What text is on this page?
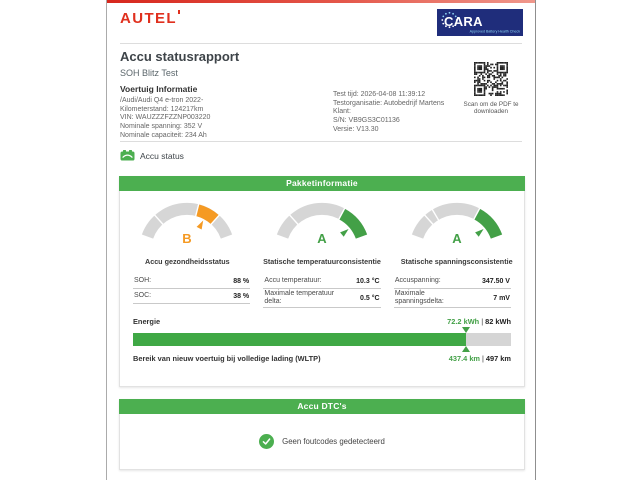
AUTEL	CARA
Approved Battery Health Check
Accu statusrapport
SOH Blitz Test
Voertuig Informatie
/Audi/Audi Q4 e-tron 2022-
Kilometerstand: 124217km
VIN: WAUZZZFZZNP003220
Nominale spanning: 352 V
Nominale capaciteit: 234 Ah
Test tijd: 2026-04-08 11:39:12
Testorganisatie: Autobedrijf Martens
Klant:
S/N: VB9GS3C01136
Versie: V13.30
Scan om de PDF te downloaden
Accu status
Pakketinformatie
B
Accu gezondheidsstatus
A
Statische temperatuurconsistentie
A
Statische spanningsconsistentie
SOH:	88 %
SOC:	38 %
Accu temperatuur:	10.3 °C
Maximale temperatuur delta:	0.5 °C
Accuspanning:	347.50 V
Maximale spanningsdelta:	7 mV
Energie	72.2 kWh | 82 kWh
Bereik van nieuw voertuig bij volledige lading (WLTP)	437.4 km | 497 km
Accu DTC's
Geen foutcodes gedetecteerd
